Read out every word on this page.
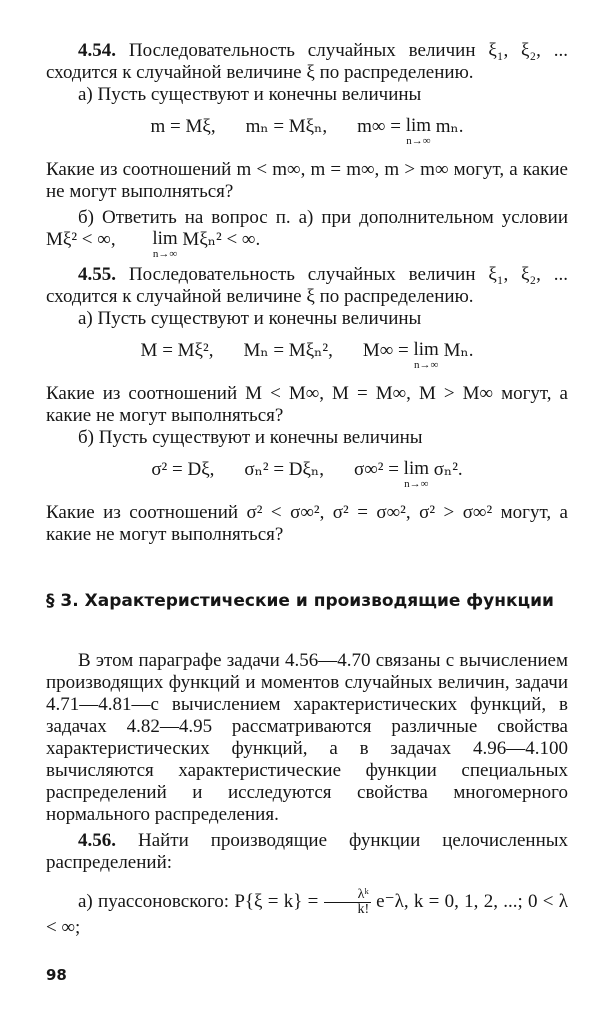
4.54. Последовательность случайных величин ξ₁, ξ₂, ... сходится к случайной величине ξ по распределению.

а) Пусть существуют и конечны величины

m = Mξ, mₙ = Mξₙ, m∞ = lim
n→∞
mₙ.

Какие из соотношений m < m∞, m = m∞, m > m∞ могут, а какие не могут выполняться?

б) Ответить на вопрос п. а) при дополнительном условии Mξ² < ∞, lim
n→∞
Mξₙ² < ∞.

4.55. Последовательность случайных величин ξ₁, ξ₂, ... сходится к случайной величине ξ по распределению.

а) Пусть существуют и конечны величины

M = Mξ², Mₙ = Mξₙ², M∞ = lim
n→∞
Mₙ.

Какие из соотношений M < M∞, M = M∞, M > M∞ могут, а какие не могут выполняться?

б) Пусть существуют и конечны величины

σ² = Dξ, σₙ² = Dξₙ, σ∞² = lim
n→∞
σₙ².

Какие из соотношений σ² < σ∞², σ² = σ∞², σ² > σ∞² могут, а какие не могут выполняться?

§ 3. Характеристические и производящие функции

В этом параграфе задачи 4.56—4.70 связаны с вычислением производящих функций и моментов случайных величин, задачи 4.71—4.81—с вычислением характеристических функций, в задачах 4.82—4.95 рассматриваются различные свойства характеристических функций, а в задачах 4.96—4.100 вычисляются характеристические функции специальных распределений и исследуются свойства многомерного нормального распределения.

4.56. Найти производящие функции целочисленных распределений:

а) пуассоновского: $P\{\xi = k\} = \frac{\text{λᵏ}}{k!} e^-\lambda$, k = 0, 1, 2, ...; 0 < λ < ∞;

98
